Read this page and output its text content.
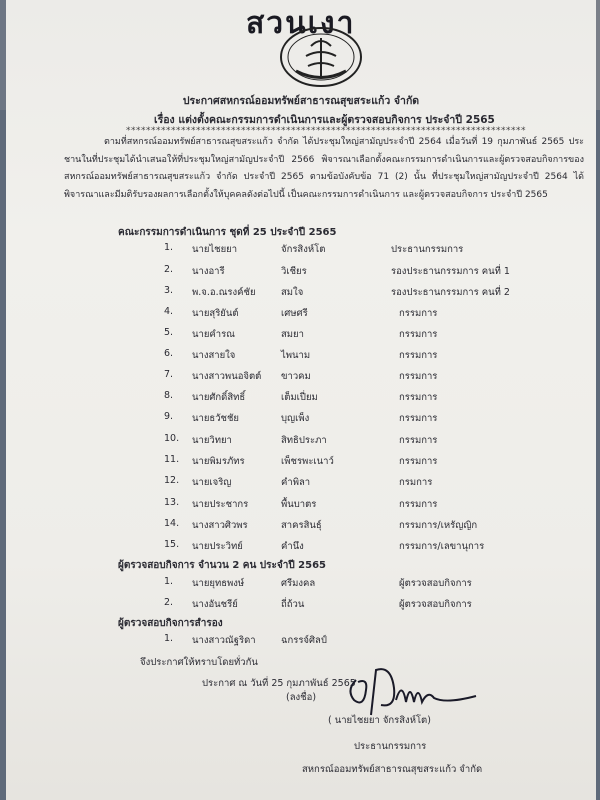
สวนเงา
ประกาศสหกรณ์ออมทรัพย์สาธารณสุขสระแก้ว จำกัด
เรื่อง แต่งตั้งคณะกรรมการดำเนินการและผู้ตรวจสอบกิจการ ประจำปี 2565
********************************************************************************

ตามที่สหกรณ์ออมทรัพย์สาธารณสุขสระแก้ว จำกัด ได้ประชุมใหญ่สามัญประจำปี 2564 เมื่อวันที่ 19 กุมภาพันธ์ 2565 ประชานในที่ประชุมได้นำเสนอให้ที่ประชุมใหญ่สามัญประจำปี 2566 พิจารณาเลือกตั้งคณะกรรมการดำเนินการและผู้ตรวจสอบกิจการของสหกรณ์ออมทรัพย์สาธารณสุขสระแก้ว จำกัด ประจำปี 2565 ตามข้อบังคับข้อ 71 (2) นั้น ที่ประชุมใหญ่สามัญประจำปี 2564 ได้พิจารณาและมีมติรับรองผลการเลือกตั้งให้บุคคลดังต่อไปนี้ เป็นคณะกรรมการดำเนินการ และผู้ตรวจสอบกิจการ ประจำปี 2565

คณะกรรมการดำเนินการ ชุดที่ 25 ประจำปี 2565
1. นายไชยยา	จักรสิงห์โต	ประธานกรรมการ
2. นางอารี	วิเชียร	รองประธานกรรมการ คนที่ 1
3. พ.จ.อ.ณรงค์ชัย	สมใจ	รองประธานกรรมการ คนที่ 2
4. นายสุริยันต์	เศษศรี	กรรมการ
5. นายคำรณ	สมยา	กรรมการ
6. นางสายใจ	ไพนาม	กรรมการ
7. นางสาวพนอจิตต์ ขาวคม	กรรมการ
8. นายศักดิ์สิทธิ์	เต็มเปี่ยม	กรรมการ
9. นายธวัชชัย	บุญเพ็ง	กรรมการ
10. นายวิทยา	สิทธิประภา	กรรมการ
11. นายพิมรภัทร	เพ็ชรพะเนาว์	กรรมการ
12. นายเจริญ	คำพิลา	กรมการ
13. นายประชากร	พื้นบาตร	กรรมการ
14. นางสาวศิวพร	สาครสินธุ์	กรรมการ/เหรัญญิก
15. นายประวิทย์	คำนึง	กรรมการ/เลขานุการ
ผู้ตรวจสอบกิจการ จำนวน 2 คน ประจำปี 2565
1. นายยุทธพงษ์	ศรีมงคล	ผู้ตรวจสอบกิจการ
2. นางอันชรีย์	ถี่ถ้วน	ผู้ตรวจสอบกิจการ
ผู้ตรวจสอบกิจการสำรอง
1. นางสาวณัฐริดา	ฉกรรจ์ศิลป์
จึงประกาศให้ทราบโดยทั่วกัน
ประกาศ ณ วันที่ 25 กุมภาพันธ์ 2565
(ลงชื่อ)
( นายไชยยา จักรสิงห์โต)
ประธานกรรมการ
สหกรณ์ออมทรัพย์สาธารณสุขสระแก้ว จำกัด
